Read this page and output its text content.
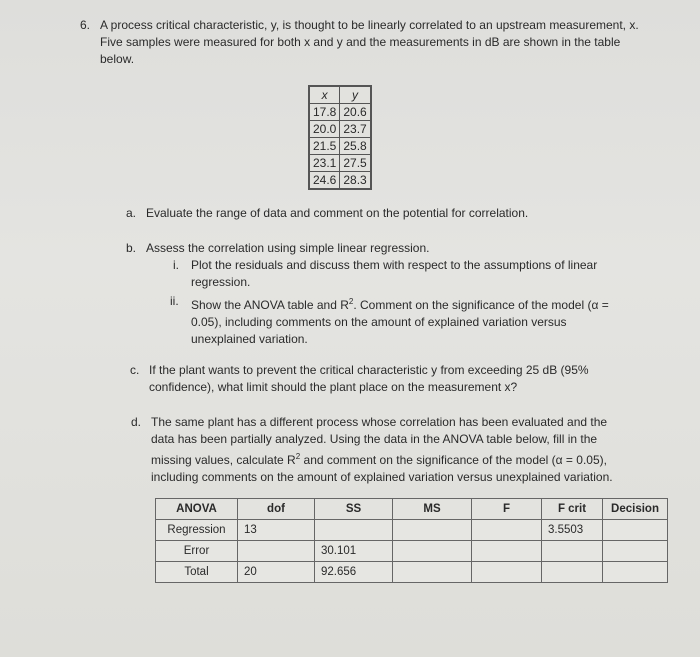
6. A process critical characteristic, y, is thought to be linearly correlated to an upstream measurement, x. Five samples were measured for both x and y and the measurements in dB are shown in the table below.

x	y
17.8	20.6
20.0	23.7
21.5	25.8
23.1	27.5
24.6	28.3
a. Evaluate the range of data and comment on the potential for correlation.

b. Assess the correlation using simple linear regression.

i. Plot the residuals and discuss them with respect to the assumptions of linear regression.

ii. Show the ANOVA table and $R^2$. Comment on the significance of the model (α = 0.05), including comments on the amount of explained variation versus unexplained variation.

c. If the plant wants to prevent the critical characteristic y from exceeding 25 dB (95% confidence), what limit should the plant place on the measurement x?

d. The same plant has a different process whose correlation has been evaluated and the data has been partially analyzed. Using the data in the ANOVA table below, fill in the missing values, calculate $R^2$ and comment on the significance of the model (α = 0.05), including comments on the amount of explained variation versus unexplained variation.

ANOVA	dof	SS	MS	F	F crit	Decision
Regression	13				3.5503	
Error		30.101				
Total	20	92.656				
